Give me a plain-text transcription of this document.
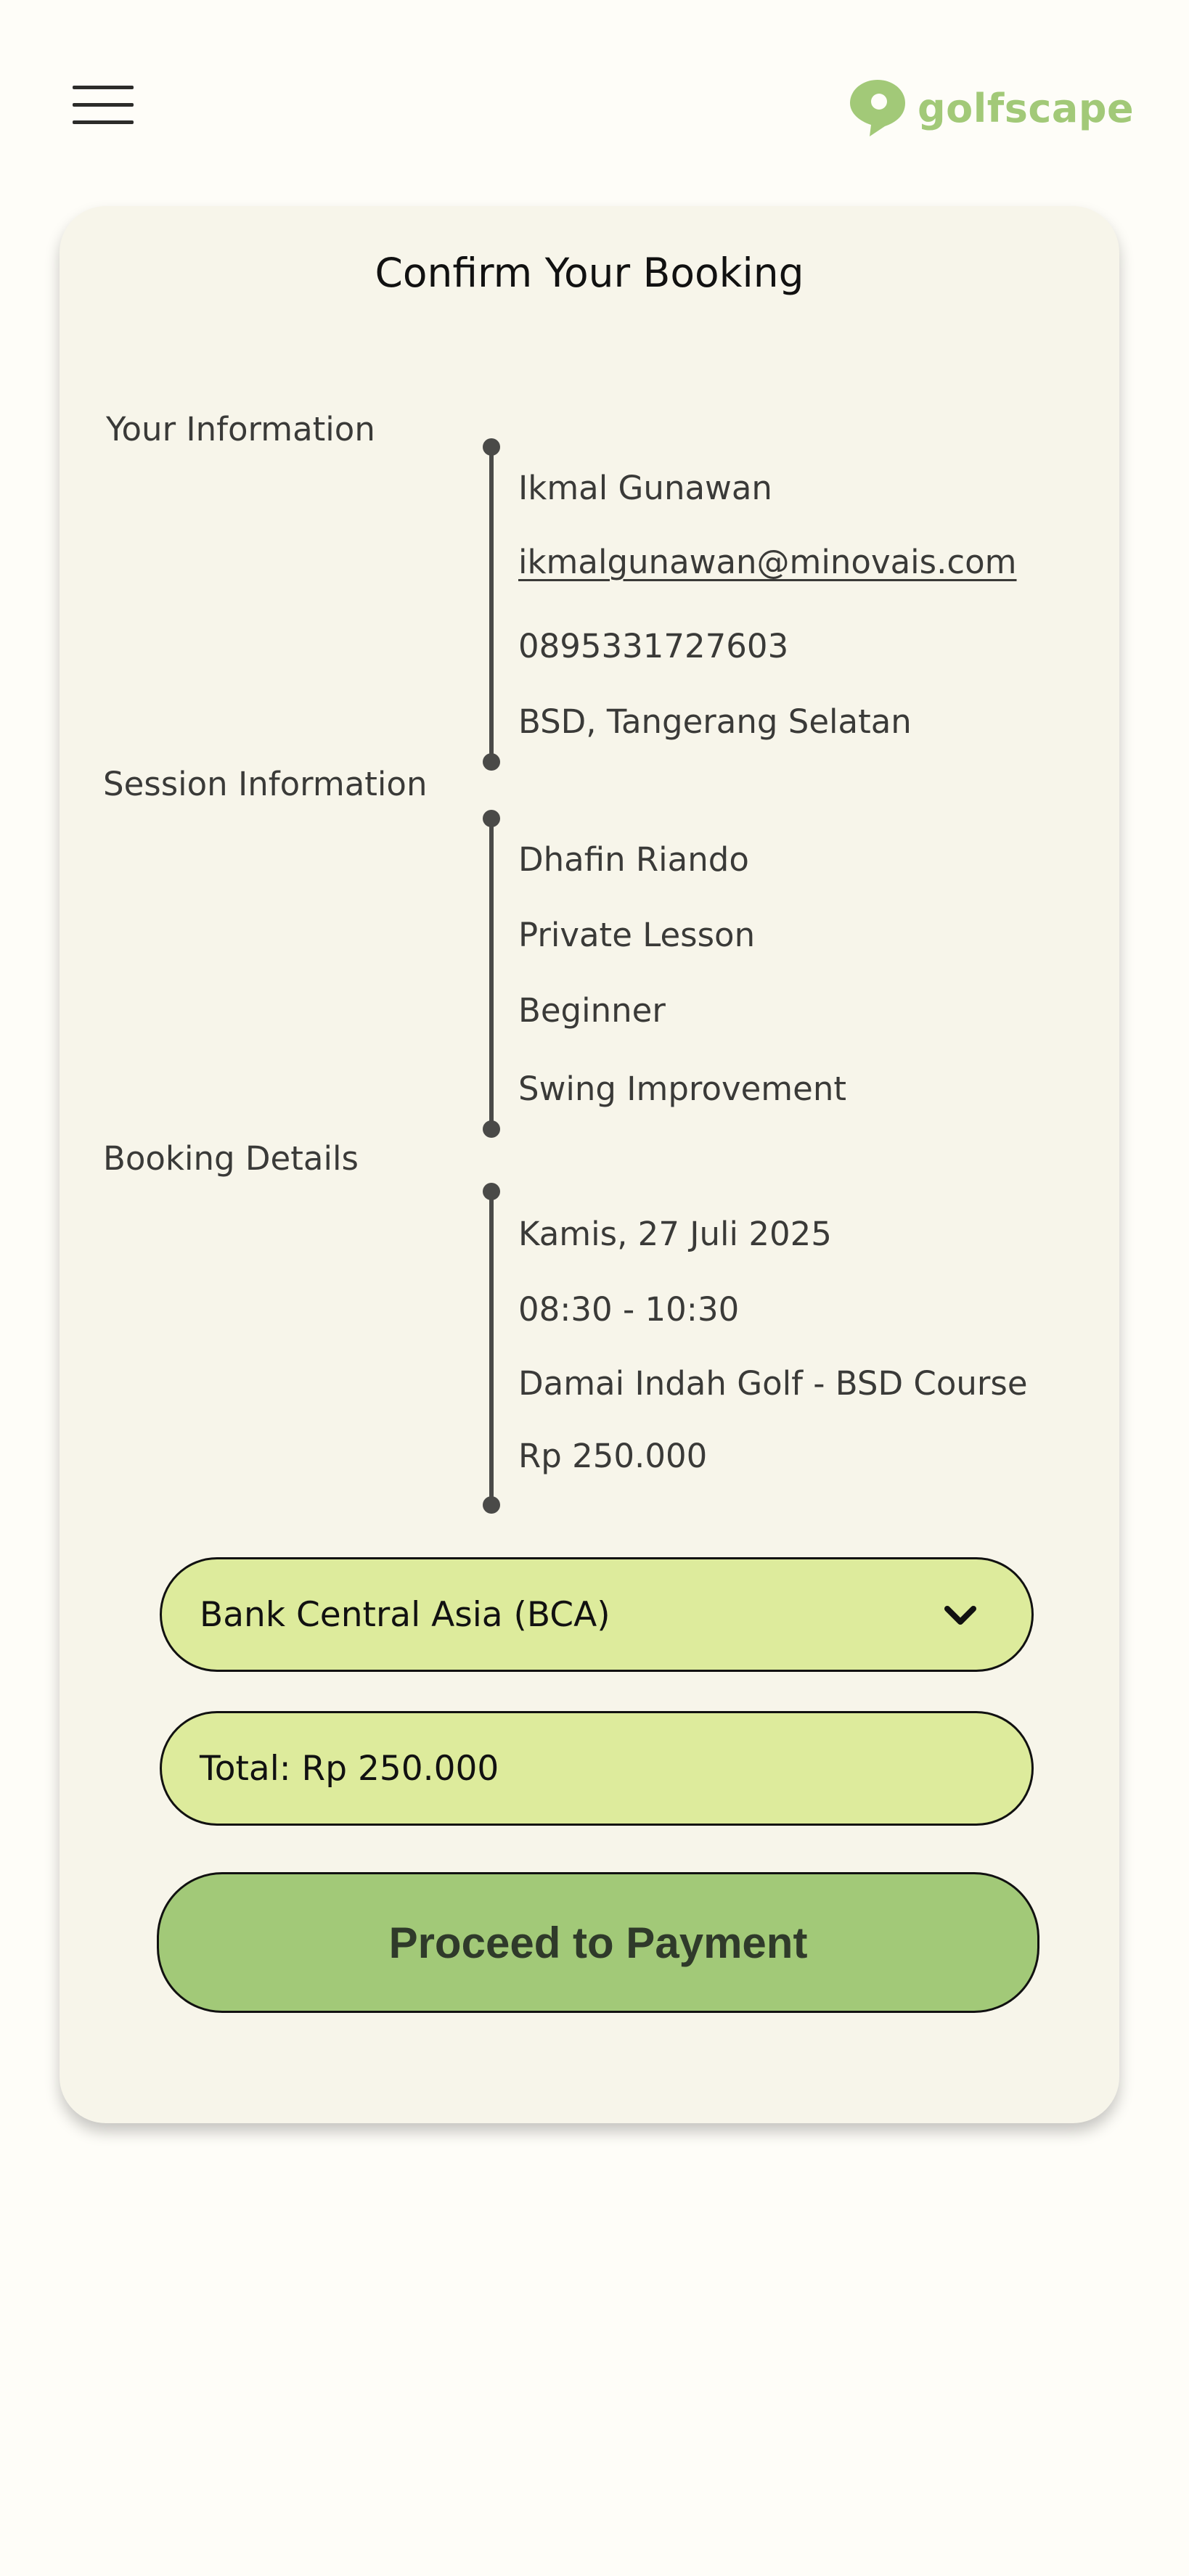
golfscape
Confirm Your Booking
Your Information
Ikmal Gunawan
ikmalgunawan@minovais.com
0895331727603
BSD, Tangerang Selatan
Session Information
Dhafin Riando
Private Lesson
Beginner
Swing Improvement
Booking Details
Kamis, 27 Juli 2025
08:30 - 10:30
Damai Indah Golf - BSD Course
Rp 250.000
Bank Central Asia (BCA)
Total: Rp 250.000
Proceed to Payment
